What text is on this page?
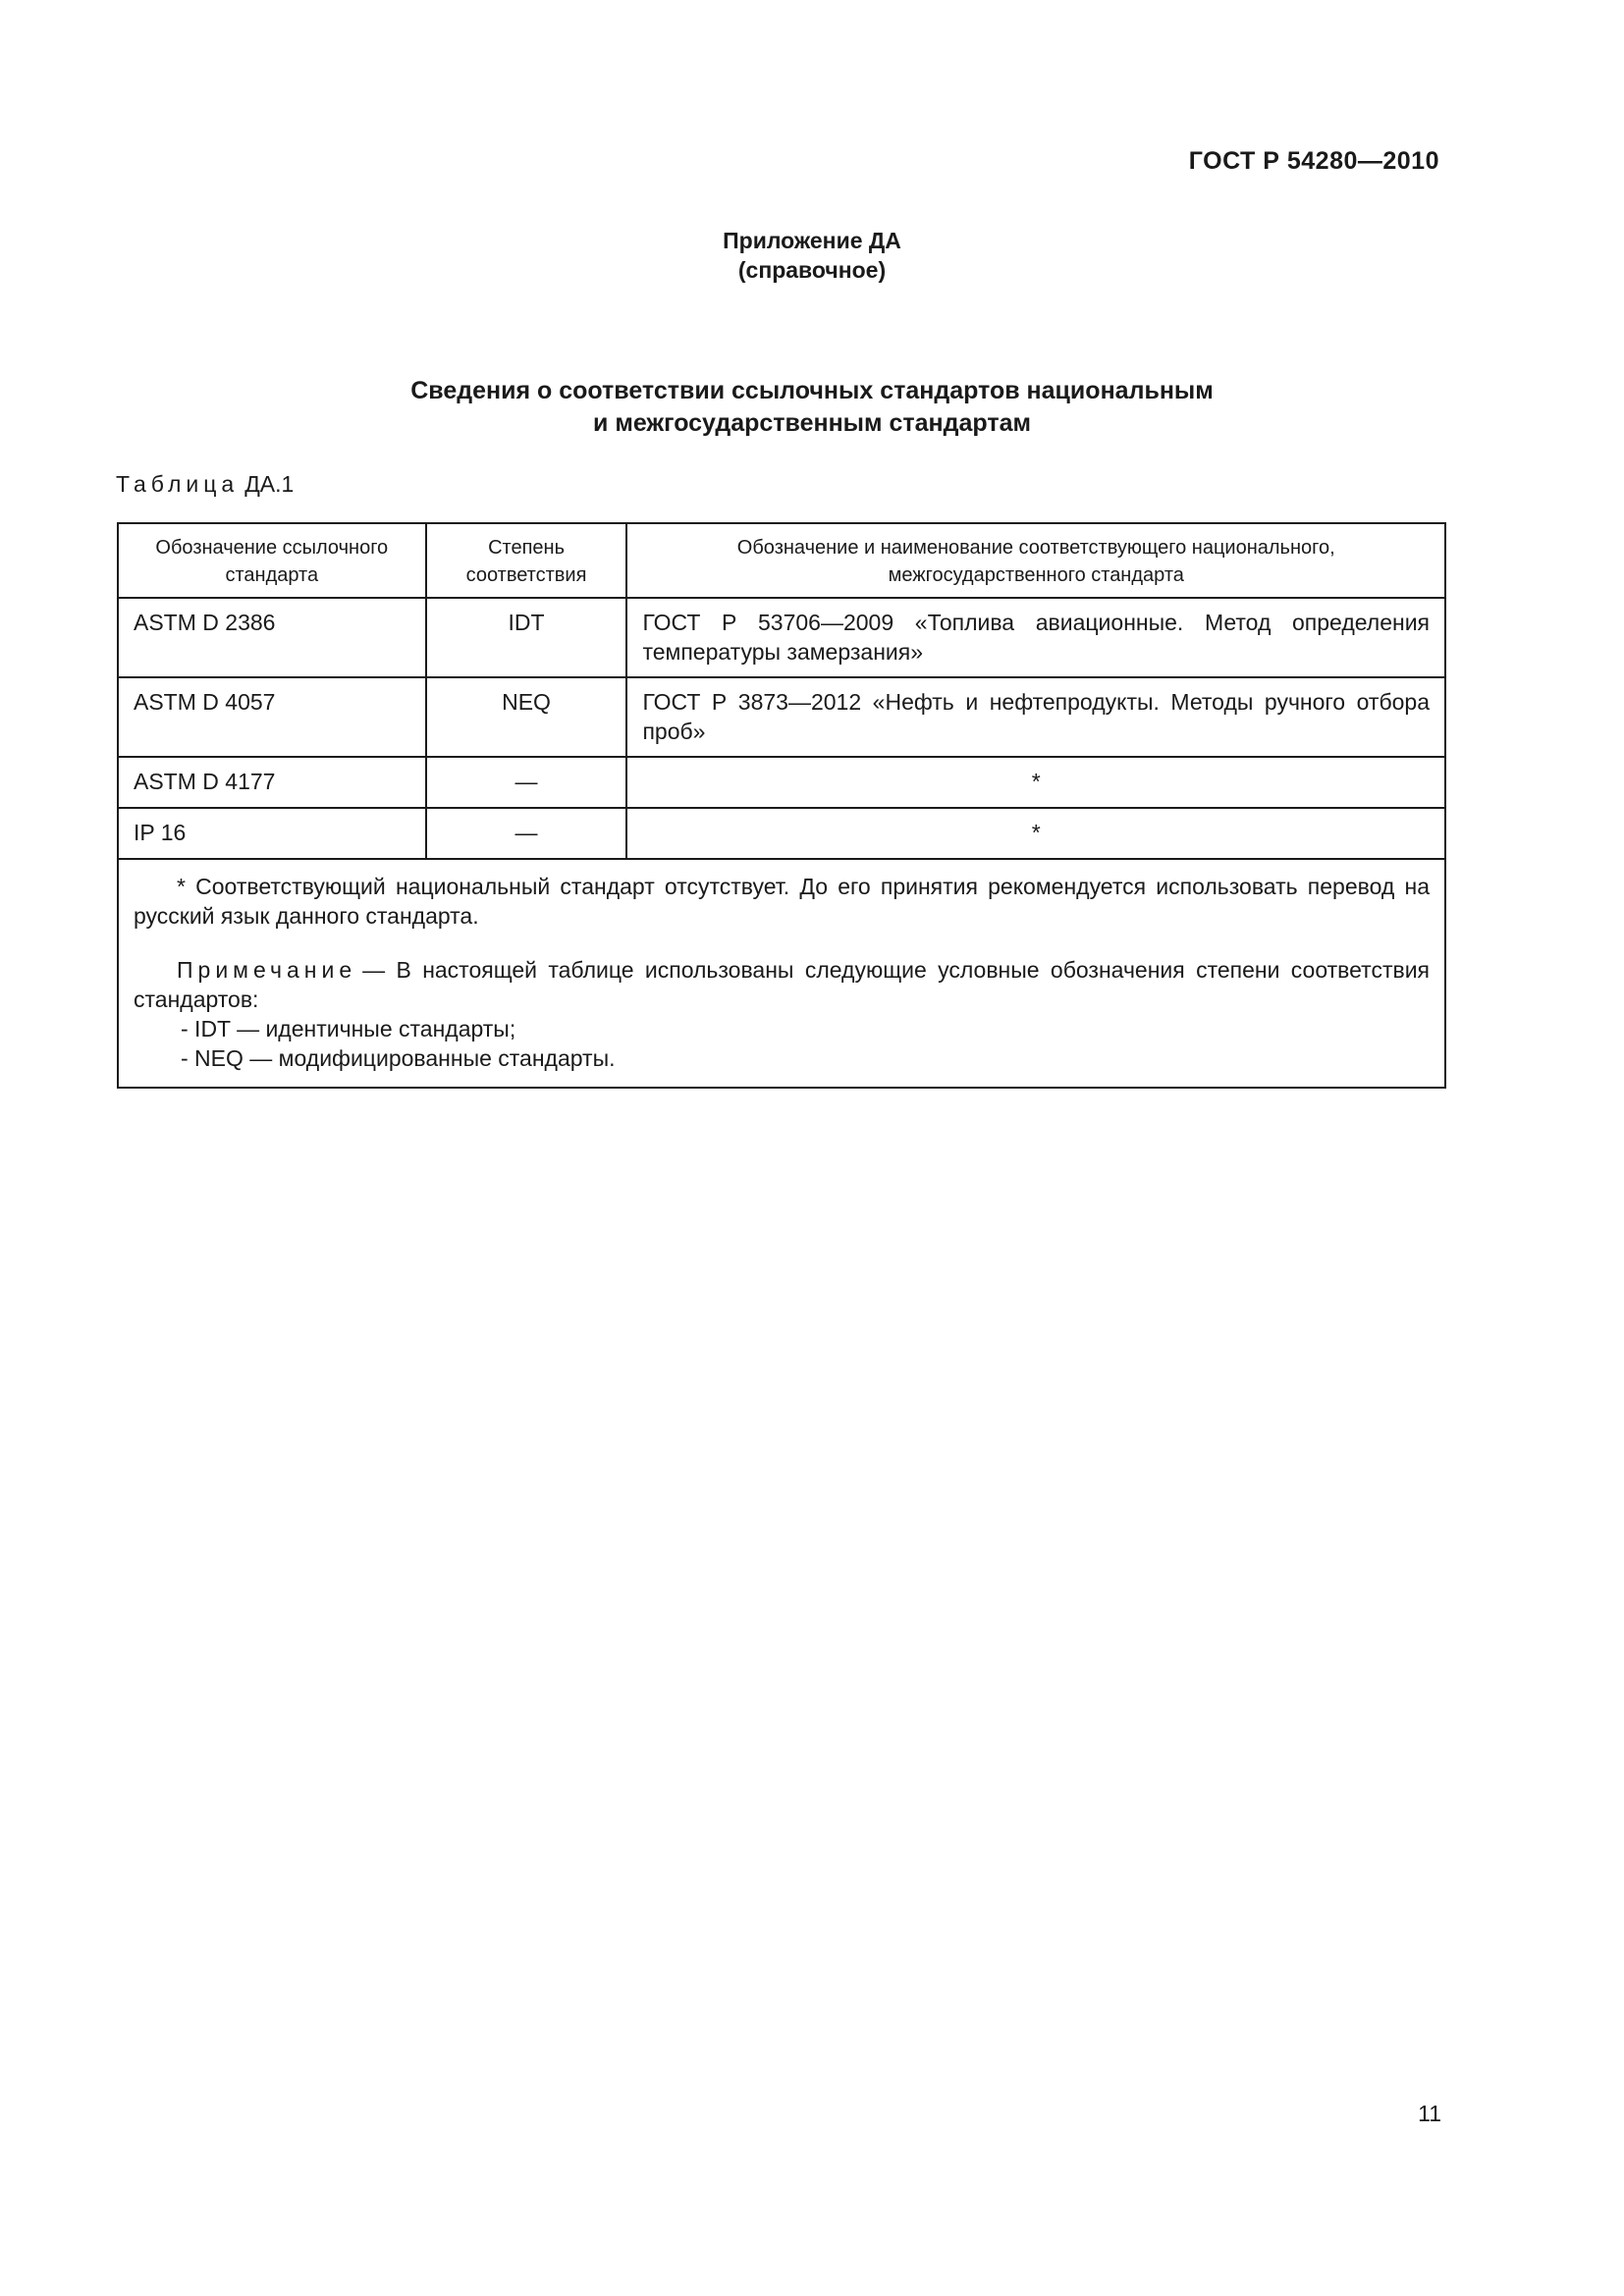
ГОСТ Р 54280—2010
Приложение ДА
(справочное)
Сведения о соответствии ссылочных стандартов национальным
и межгосударственным стандартам
Таблица ДА.1
Обозначение ссылочного стандарта	Степень соответствия	Обозначение и наименование соответствующего национального, межгосударственного стандарта
ASTM D 2386	IDT	ГОСТ Р 53706—2009 «Топлива авиационные. Метод определения температуры замерзания»
ASTM D 4057	NEQ	ГОСТ Р 3873—2012 «Нефть и нефтепродукты. Методы ручного отбора проб»
ASTM D 4177	—	*
IP 16	—	*

* Соответствующий национальный стандарт отсутствует. До его принятия рекомендуется использовать перевод на русский язык данного стандарта.

Примечание — В настоящей таблице использованы следующие условные обозначения степени соответствия стандартов:

- IDT — идентичные стандарты;

- NEQ — модифицированные стандарты.		

11
